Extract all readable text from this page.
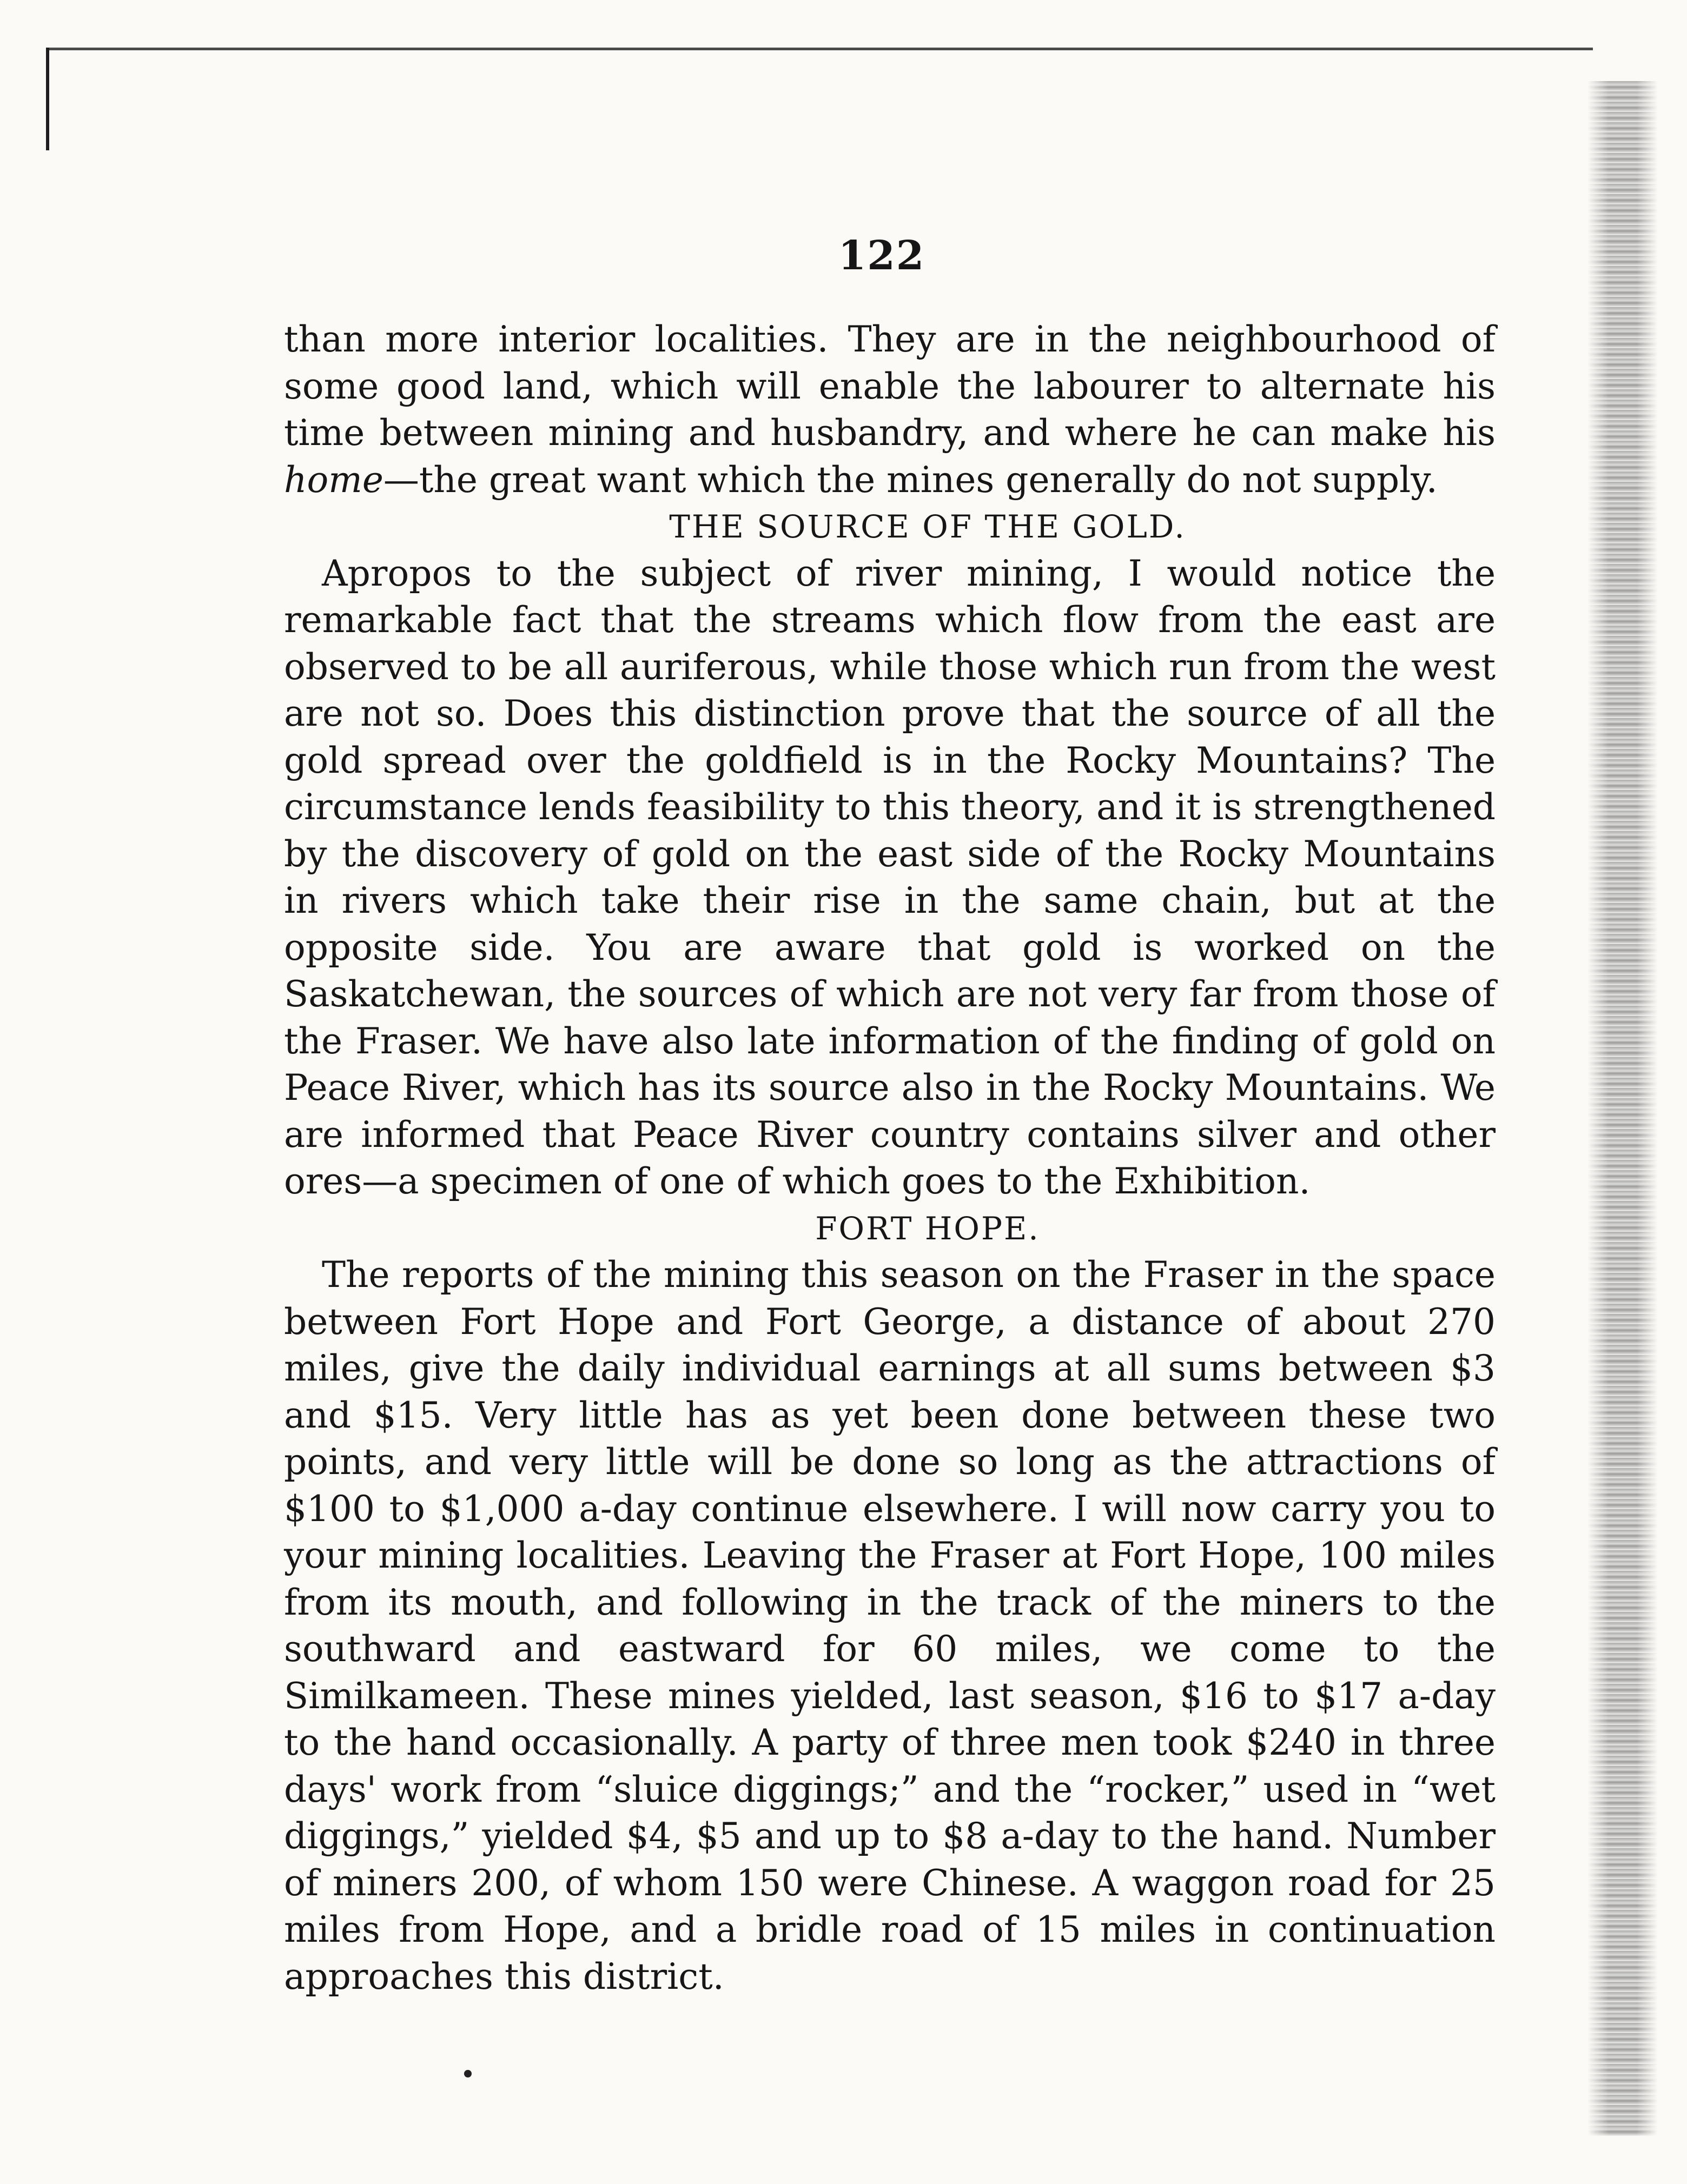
122

than more interior localities. They are in the neighbourhood of some good land, which will enable the labourer to alternate his time between mining and husbandry, and where he can make his home—the great want which the mines generally do not supply.

THE SOURCE OF THE GOLD.

Apropos to the subject of river mining, I would notice the remarkable fact that the streams which flow from the east are observed to be all auriferous, while those which run from the west are not so. Does this distinction prove that the source of all the gold spread over the goldfield is in the Rocky Mountains? The circumstance lends feasibility to this theory, and it is strengthened by the discovery of gold on the east side of the Rocky Mountains in rivers which take their rise in the same chain, but at the opposite side. You are aware that gold is worked on the Saskatchewan, the sources of which are not very far from those of the Fraser. We have also late information of the finding of gold on Peace River, which has its source also in the Rocky Mountains. We are informed that Peace River country contains silver and other ores—a specimen of one of which goes to the Exhibition.

FORT HOPE.

The reports of the mining this season on the Fraser in the space between Fort Hope and Fort George, a distance of about 270 miles, give the daily individual earnings at all sums between $3 and $15. Very little has as yet been done between these two points, and very little will be done so long as the attractions of $100 to $1,000 a-day continue elsewhere. I will now carry you to your mining localities. Leaving the Fraser at Fort Hope, 100 miles from its mouth, and following in the track of the miners to the southward and eastward for 60 miles, we come to the Similkameen. These mines yielded, last season, $16 to $17 a-day to the hand occasionally. A party of three men took $240 in three days' work from “sluice diggings;” and the “rocker,” used in “wet diggings,” yielded $4, $5 and up to $8 a-day to the hand. Number of miners 200, of whom 150 were Chinese. A waggon road for 25 miles from Hope, and a bridle road of 15 miles in continuation approaches this district.
